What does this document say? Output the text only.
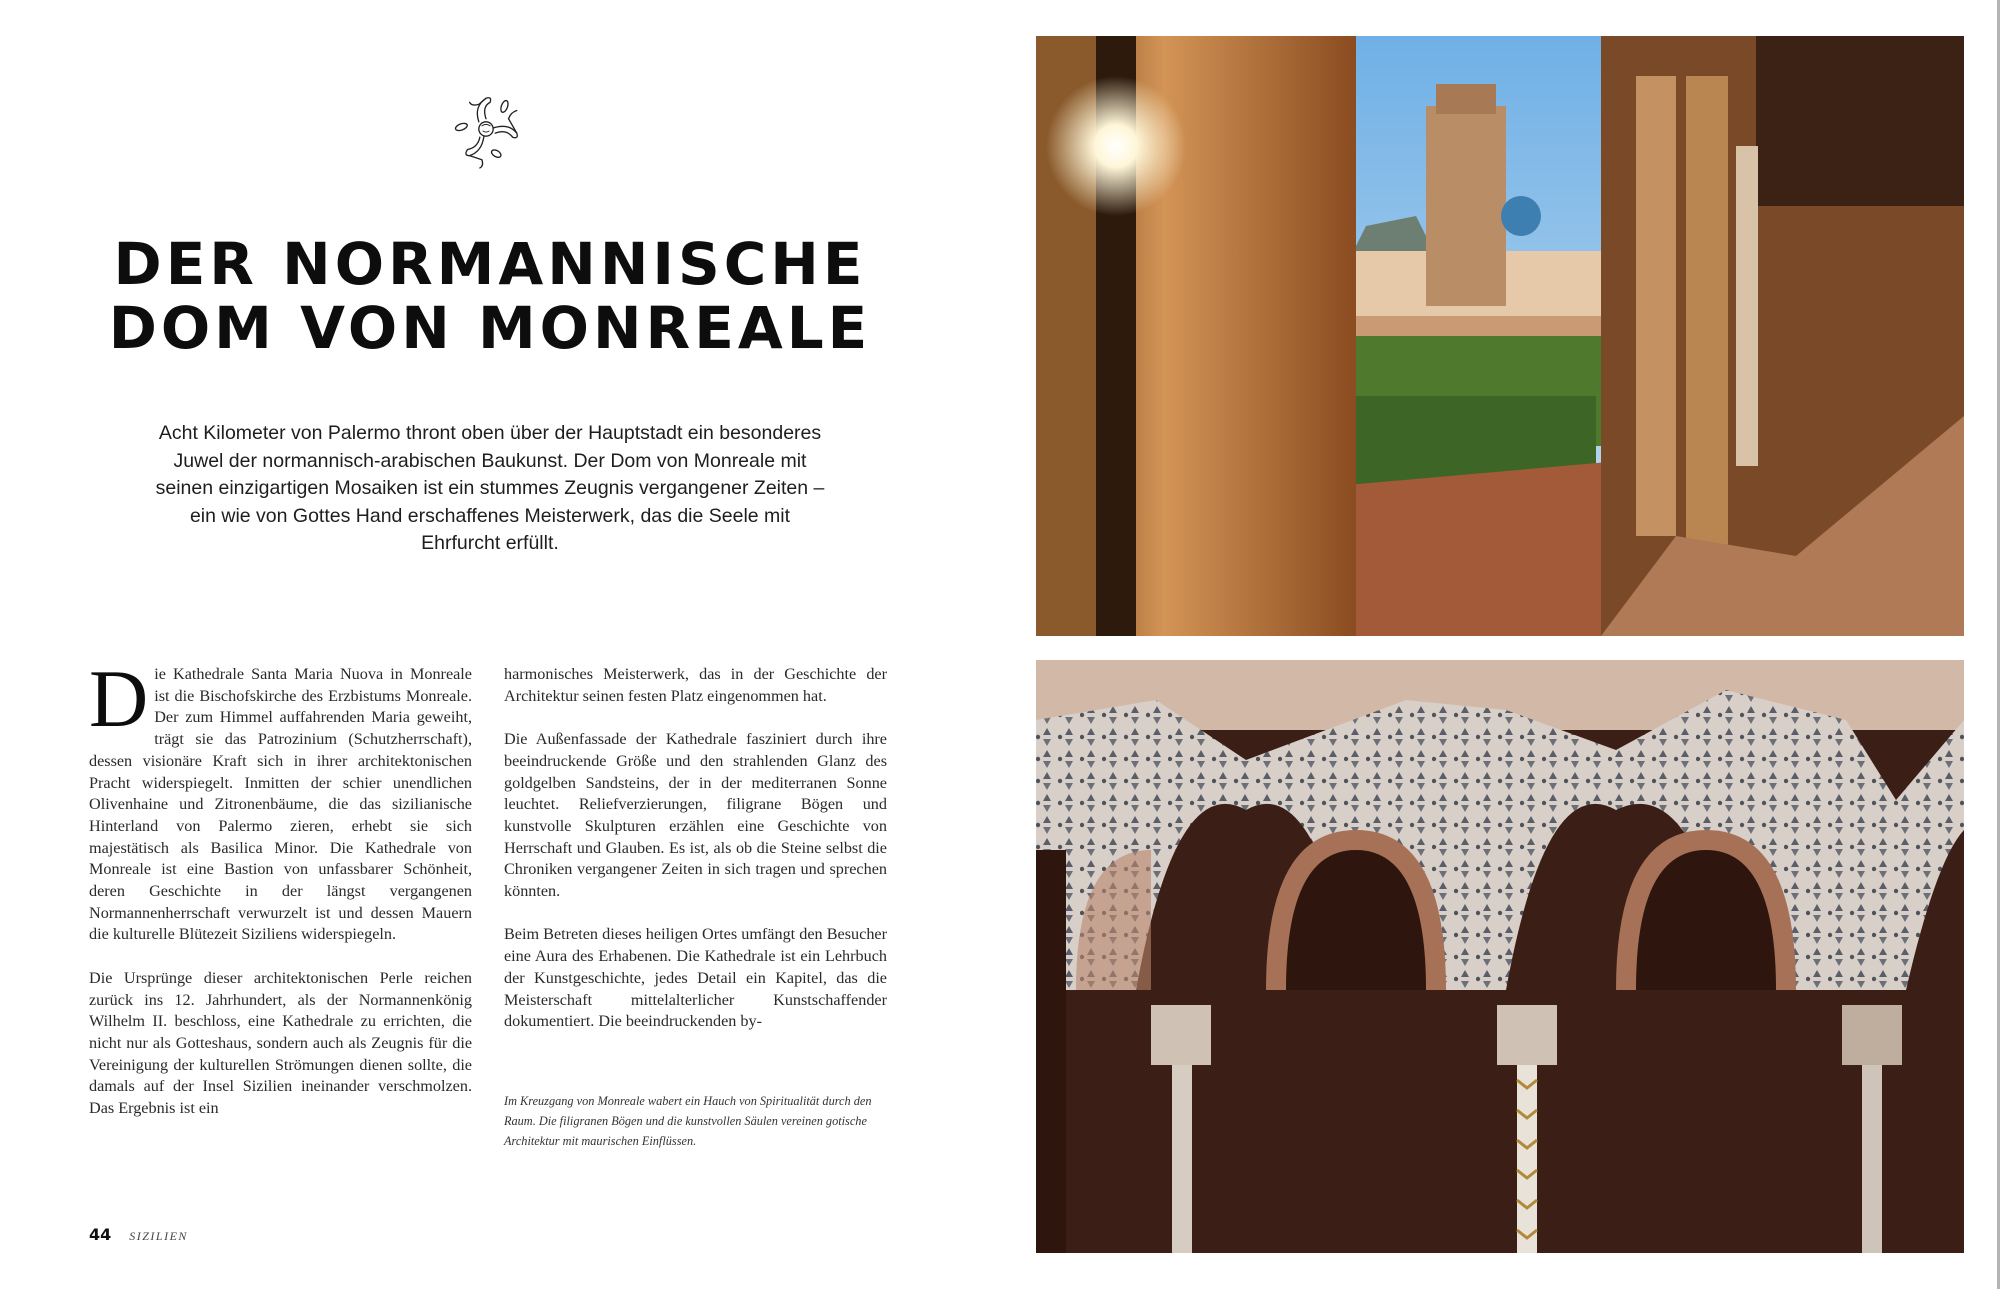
DER NORMANNISCHE
DOM VON MONREALE

Acht Kilometer von Palermo thront oben über der Hauptstadt ein besonderes Juwel der normannisch-arabischen Baukunst. Der Dom von Monreale mit seinen einzigartigen Mosaiken ist ein stummes Zeugnis vergangener Zeiten – ein wie von Gottes Hand erschaffenes Meisterwerk, das die Seele mit Ehrfurcht erfüllt.

Die Kathedrale Santa Maria Nuova in Monreale ist die Bischofskirche des Erzbistums Monreale. Der zum Himmel auffahrenden Maria geweiht, trägt sie das Patrozinium (Schutzherrschaft), dessen visionäre Kraft sich in ihrer architektonischen Pracht widerspiegelt. Inmitten der schier unendlichen Olivenhaine und Zitronenbäume, die das sizilianische Hinterland von Palermo zieren, erhebt sie sich majestätisch als Basilica Minor. Die Kathedrale von Monreale ist eine Bastion von unfassbarer Schönheit, deren Geschichte in der längst vergangenen Normannenherrschaft verwurzelt ist und dessen Mauern die kulturelle Blütezeit Siziliens widerspiegeln.

Die Ursprünge dieser architektonischen Perle reichen zurück ins 12. Jahrhundert, als der Normannenkönig Wilhelm II. beschloss, eine Kathedrale zu errichten, die nicht nur als Gotteshaus, sondern auch als Zeugnis für die Vereinigung der kulturellen Strömungen dienen sollte, die damals auf der Insel Sizilien ineinander verschmolzen. Das Ergebnis ist ein

harmonisches Meisterwerk, das in der Geschichte der Architektur seinen festen Platz eingenommen hat.

Die Außenfassade der Kathedrale fasziniert durch ihre beeindruckende Größe und den strahlenden Glanz des goldgelben Sandsteins, der in der mediterranen Sonne leuchtet. Reliefverzierungen, filigrane Bögen und kunstvolle Skulpturen erzählen eine Geschichte von Herrschaft und Glauben. Es ist, als ob die Steine selbst die Chroniken vergangener Zeiten in sich tragen und sprechen könnten.

Beim Betreten dieses heiligen Ortes umfängt den Besucher eine Aura des Erhabenen. Die Kathedrale ist ein Lehrbuch der Kunstgeschichte, jedes Detail ein Kapitel, das die Meisterschaft mittelalterlicher Kunstschaffender dokumentiert. Die beeindruckenden by-

Im Kreuzgang von Monreale wabert ein Hauch von Spiritualität durch den Raum. Die filigranen Bögen und die kunstvollen Säulen vereinen gotische Architektur mit maurischen Einflüssen.

44 SIZILIEN
